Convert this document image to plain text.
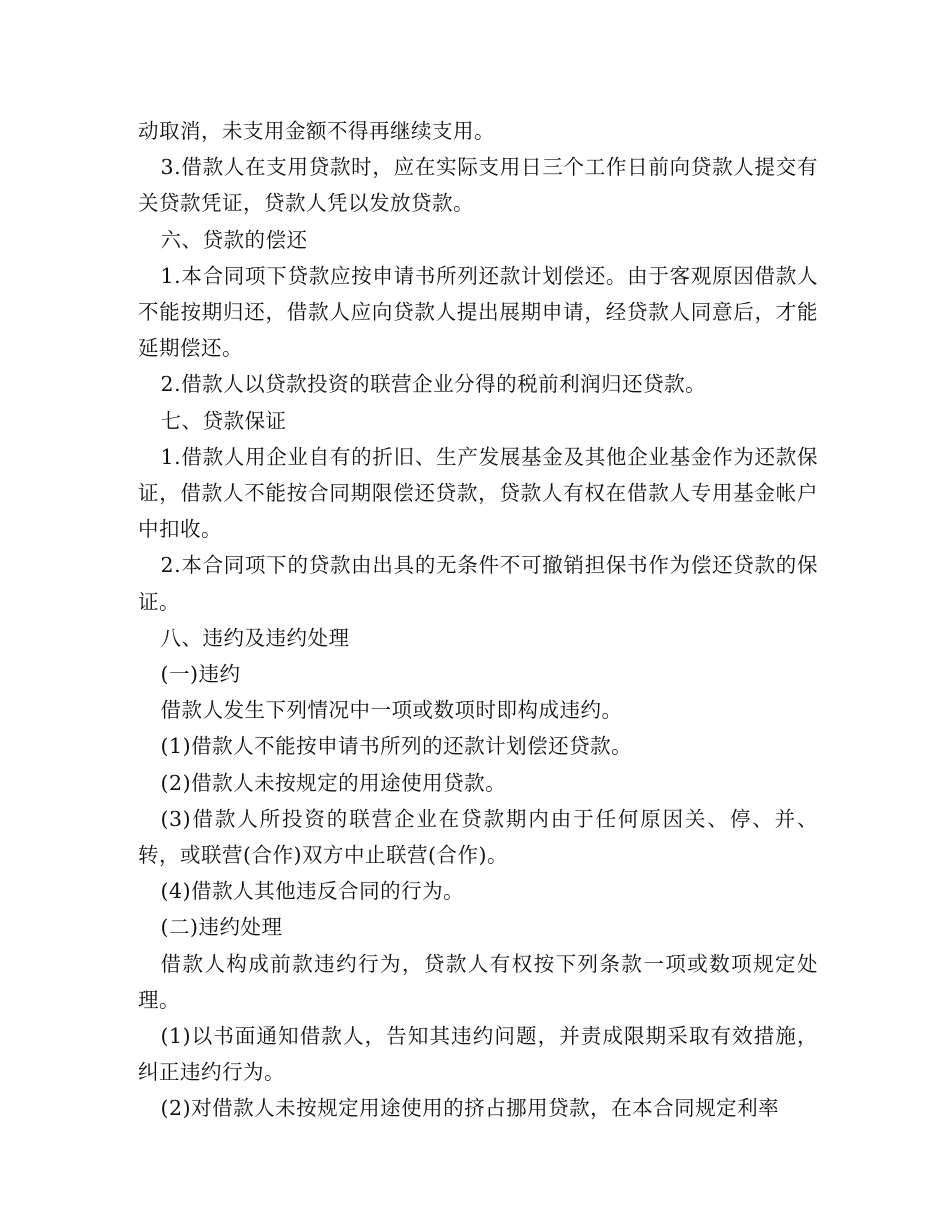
动取消，未支用金额不得再继续支用。

3.借款人在支用贷款时，应在实际支用日三个工作日前向贷款人提交有关贷款凭证，贷款人凭以发放贷款。

六、贷款的偿还

1.本合同项下贷款应按申请书所列还款计划偿还。由于客观原因借款人不能按期归还，借款人应向贷款人提出展期申请，经贷款人同意后，才能延期偿还。

2.借款人以贷款投资的联营企业分得的税前利润归还贷款。

七、贷款保证

1.借款人用企业自有的折旧、生产发展基金及其他企业基金作为还款保证，借款人不能按合同期限偿还贷款，贷款人有权在借款人专用基金帐户中扣收。

2.本合同项下的贷款由出具的无条件不可撤销担保书作为偿还贷款的保证。

八、违约及违约处理

(一)违约

借款人发生下列情况中一项或数项时即构成违约。

(1)借款人不能按申请书所列的还款计划偿还贷款。

(2)借款人未按规定的用途使用贷款。

(3)借款人所投资的联营企业在贷款期内由于任何原因关、停、并、转，或联营(合作)双方中止联营(合作)。

(4)借款人其他违反合同的行为。

(二)违约处理

借款人构成前款违约行为，贷款人有权按下列条款一项或数项规定处理。

(1)以书面通知借款人，告知其违约问题，并责成限期采取有效措施，纠正违约行为。

(2)对借款人未按规定用途使用的挤占挪用贷款，在本合同规定利率
